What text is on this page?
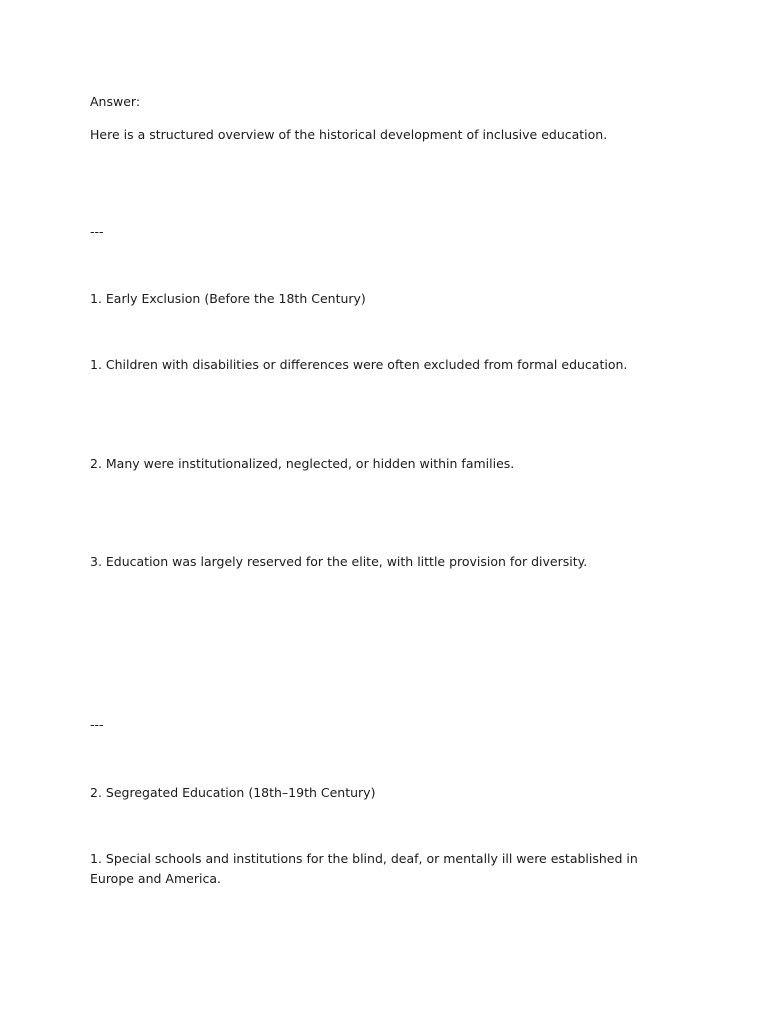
Answer:

Here is a structured overview of the historical development of inclusive education.

---

1. Early Exclusion (Before the 18th Century)

1. Children with disabilities or differences were often excluded from formal education.

2. Many were institutionalized, neglected, or hidden within families.

3. Education was largely reserved for the elite, with little provision for diversity.

---

2. Segregated Education (18th–19th Century)

1. Special schools and institutions for the blind, deaf, or mentally ill were established in Europe and America.
